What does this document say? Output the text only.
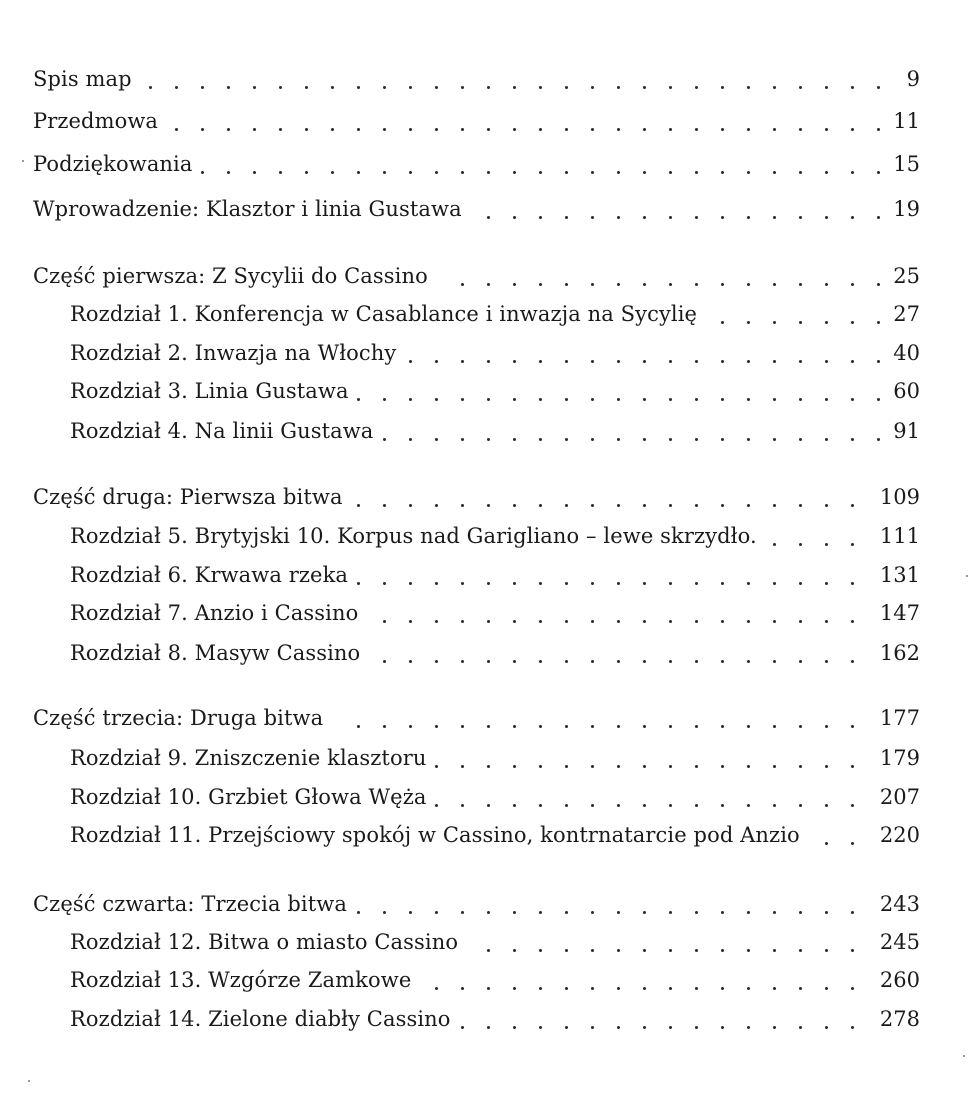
Spis map	9
Przedmowa	11
Podziękowania	15
Wprowadzenie: Klasztor i linia Gustawa	19
Część pierwsza: Z Sycylii do Cassino	25
Rozdział 1. Konferencja w Casablance i inwazja na Sycylię	27
Rozdział 2. Inwazja na Włochy	40
Rozdział 3. Linia Gustawa	60
Rozdział 4. Na linii Gustawa	91
Część druga: Pierwsza bitwa	109
Rozdział 5. Brytyjski 10. Korpus nad Garigliano – lewe skrzydło.	111
Rozdział 6. Krwawa rzeka	131
Rozdział 7. Anzio i Cassino	147
Rozdział 8. Masyw Cassino	162
Część trzecia: Druga bitwa	177
Rozdział 9. Zniszczenie klasztoru	179
Rozdział 10. Grzbiet Głowa Węża	207
Rozdział 11. Przejściowy spokój w Cassino, kontrnatarcie pod Anzio	220
Część czwarta: Trzecia bitwa	243
Rozdział 12. Bitwa o miasto Cassino	245
Rozdział 13. Wzgórze Zamkowe	260
Rozdział 14. Zielone diabły Cassino	278
